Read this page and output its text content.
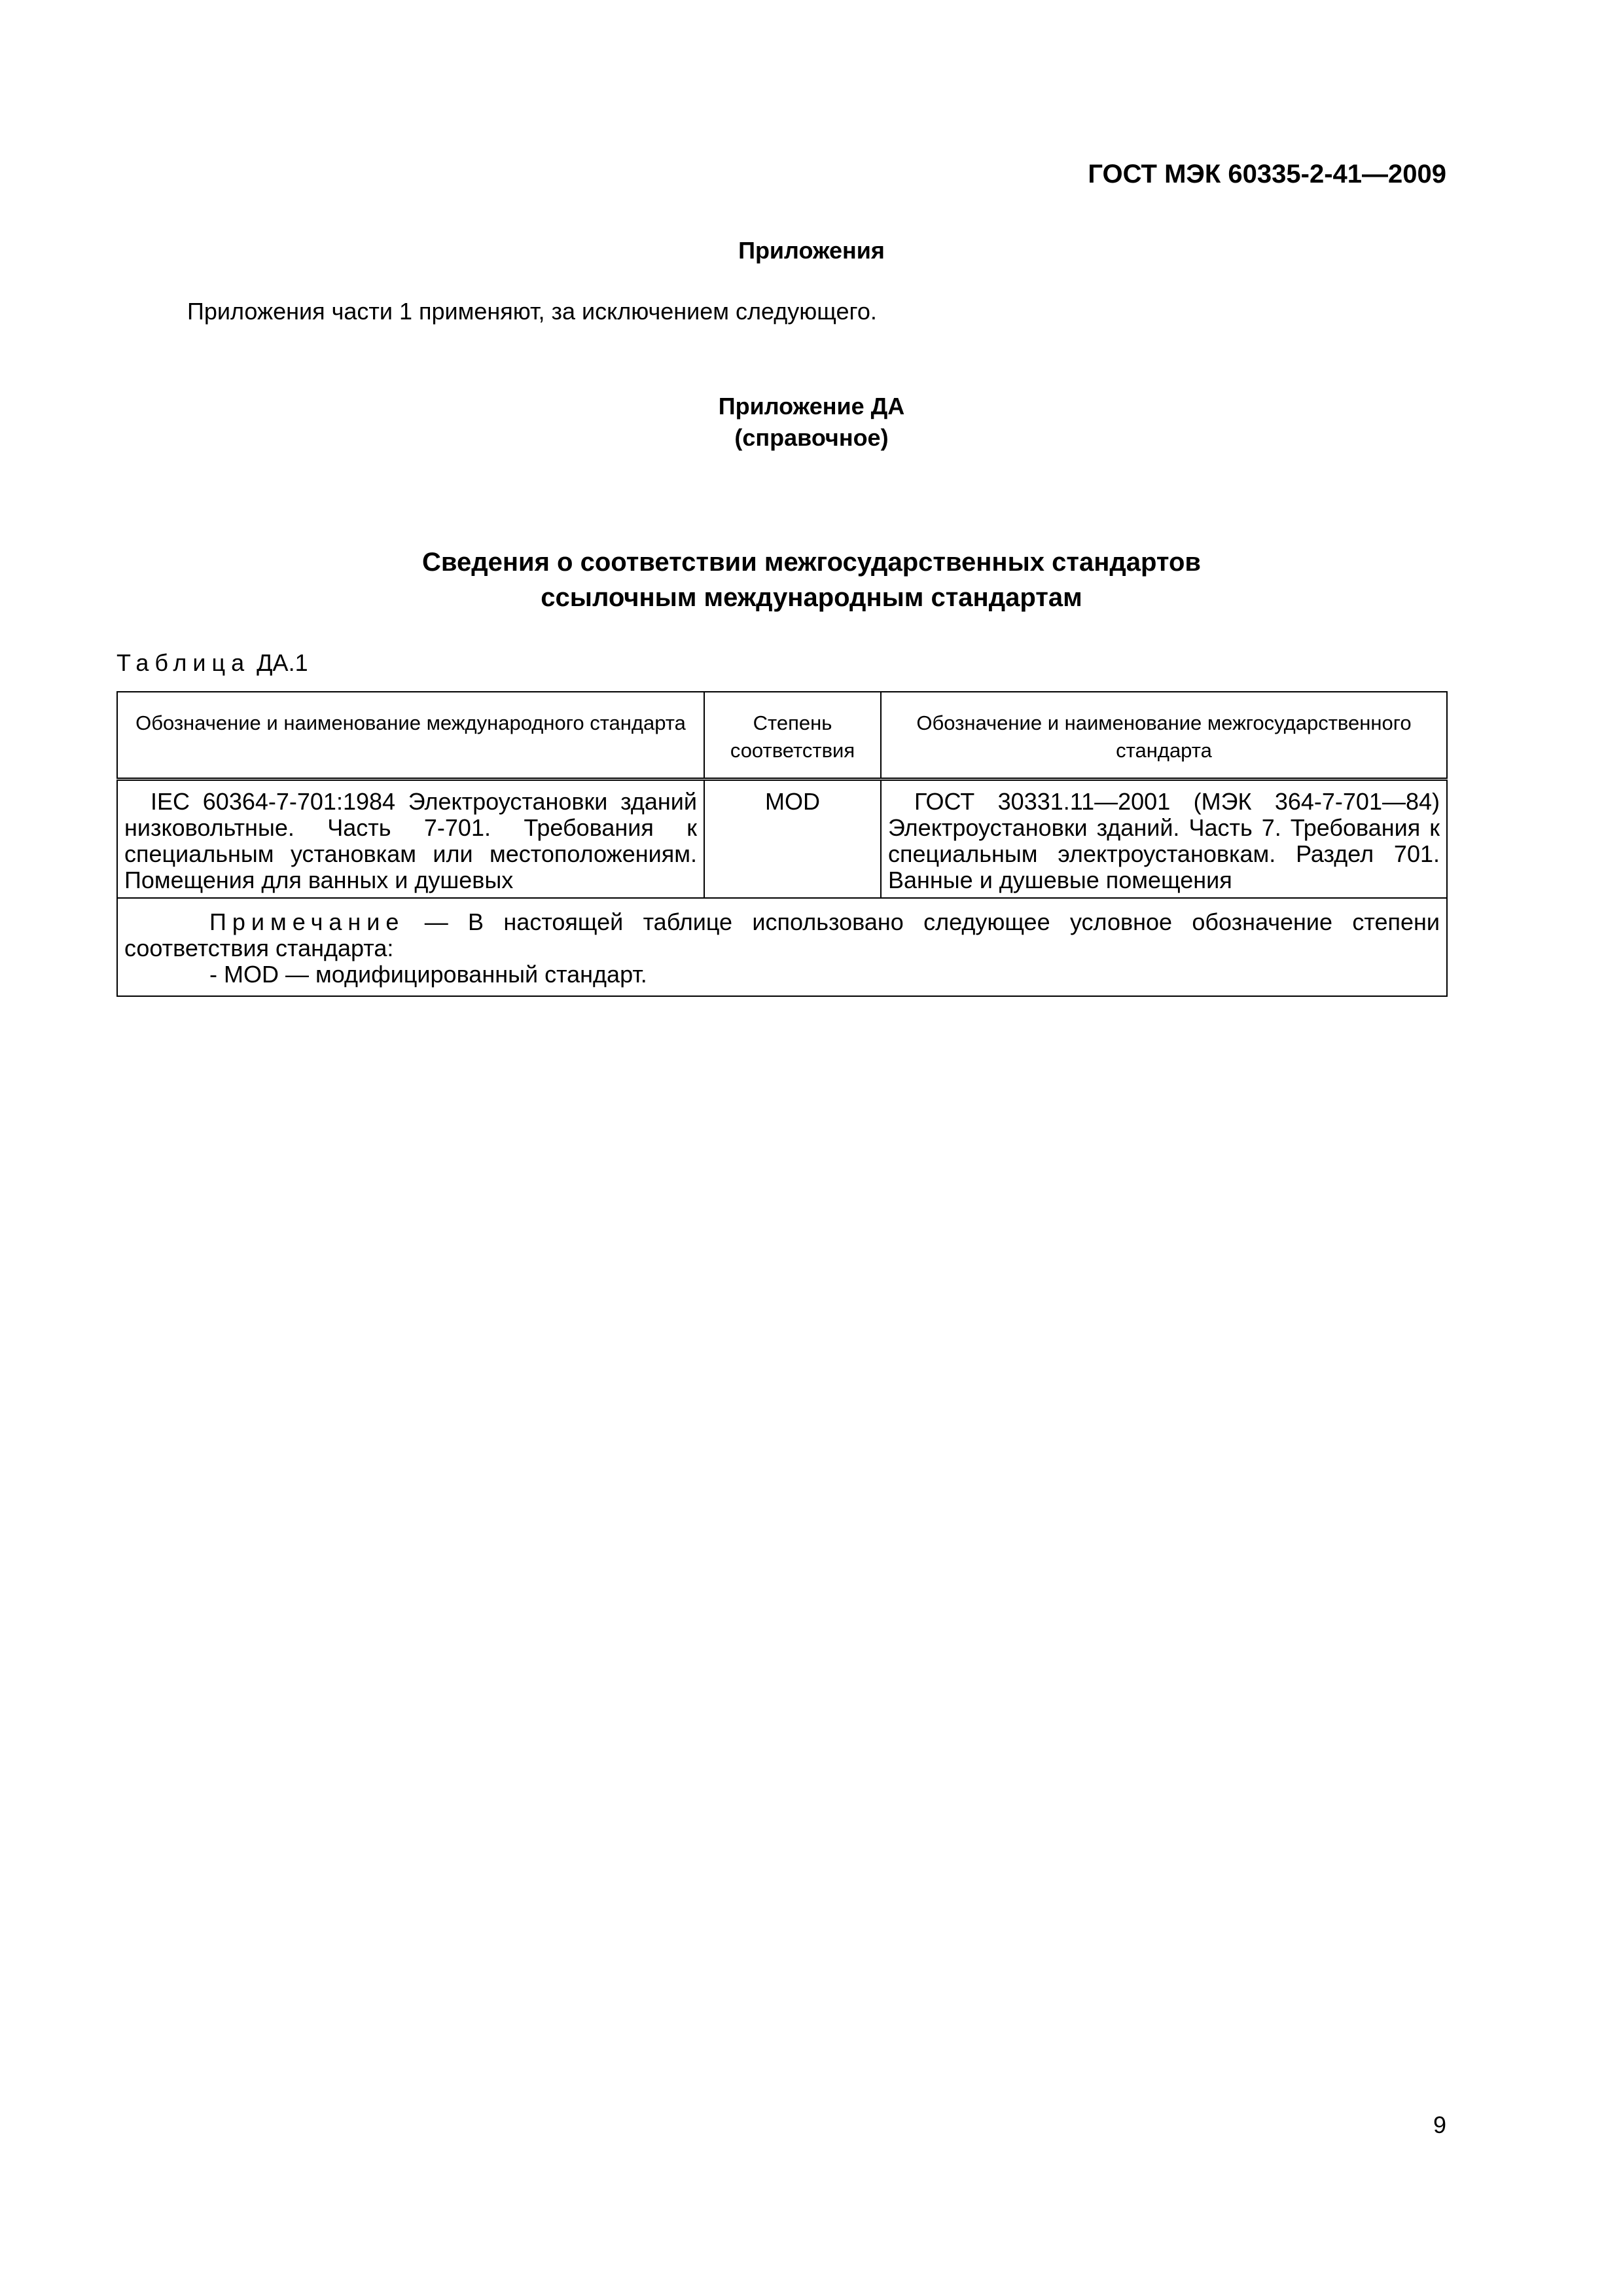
ГОСТ МЭК 60335-2-41—2009
Приложения
Приложения части 1 применяют, за исключением следующего.
Приложение ДА
(справочное)
Сведения о соответствии межгосударственных стандартов
ссылочным международным стандартам
Таблица ДА.1
Обозначение и наименование международного стандарта	Степень соответствия	Обозначение и наименование межгосударственного стандарта
IEC 60364-7-701:1984 Электроустановки зданий низковольтные. Часть 7-701. Требования к специальным установкам или местоположениям. Помещения для ванных и душевых	MOD	ГОСТ 30331.11—2001 (МЭК 364-7-701—84) Электроустановки зданий. Часть 7. Требования к специальным электроустановкам. Раздел 701. Ванные и душевые помещения

Примечание — В настоящей таблице использовано следующее условное обозначение степени соответствия стандарта:
- MOD — модифицированный стандарт.		
9
